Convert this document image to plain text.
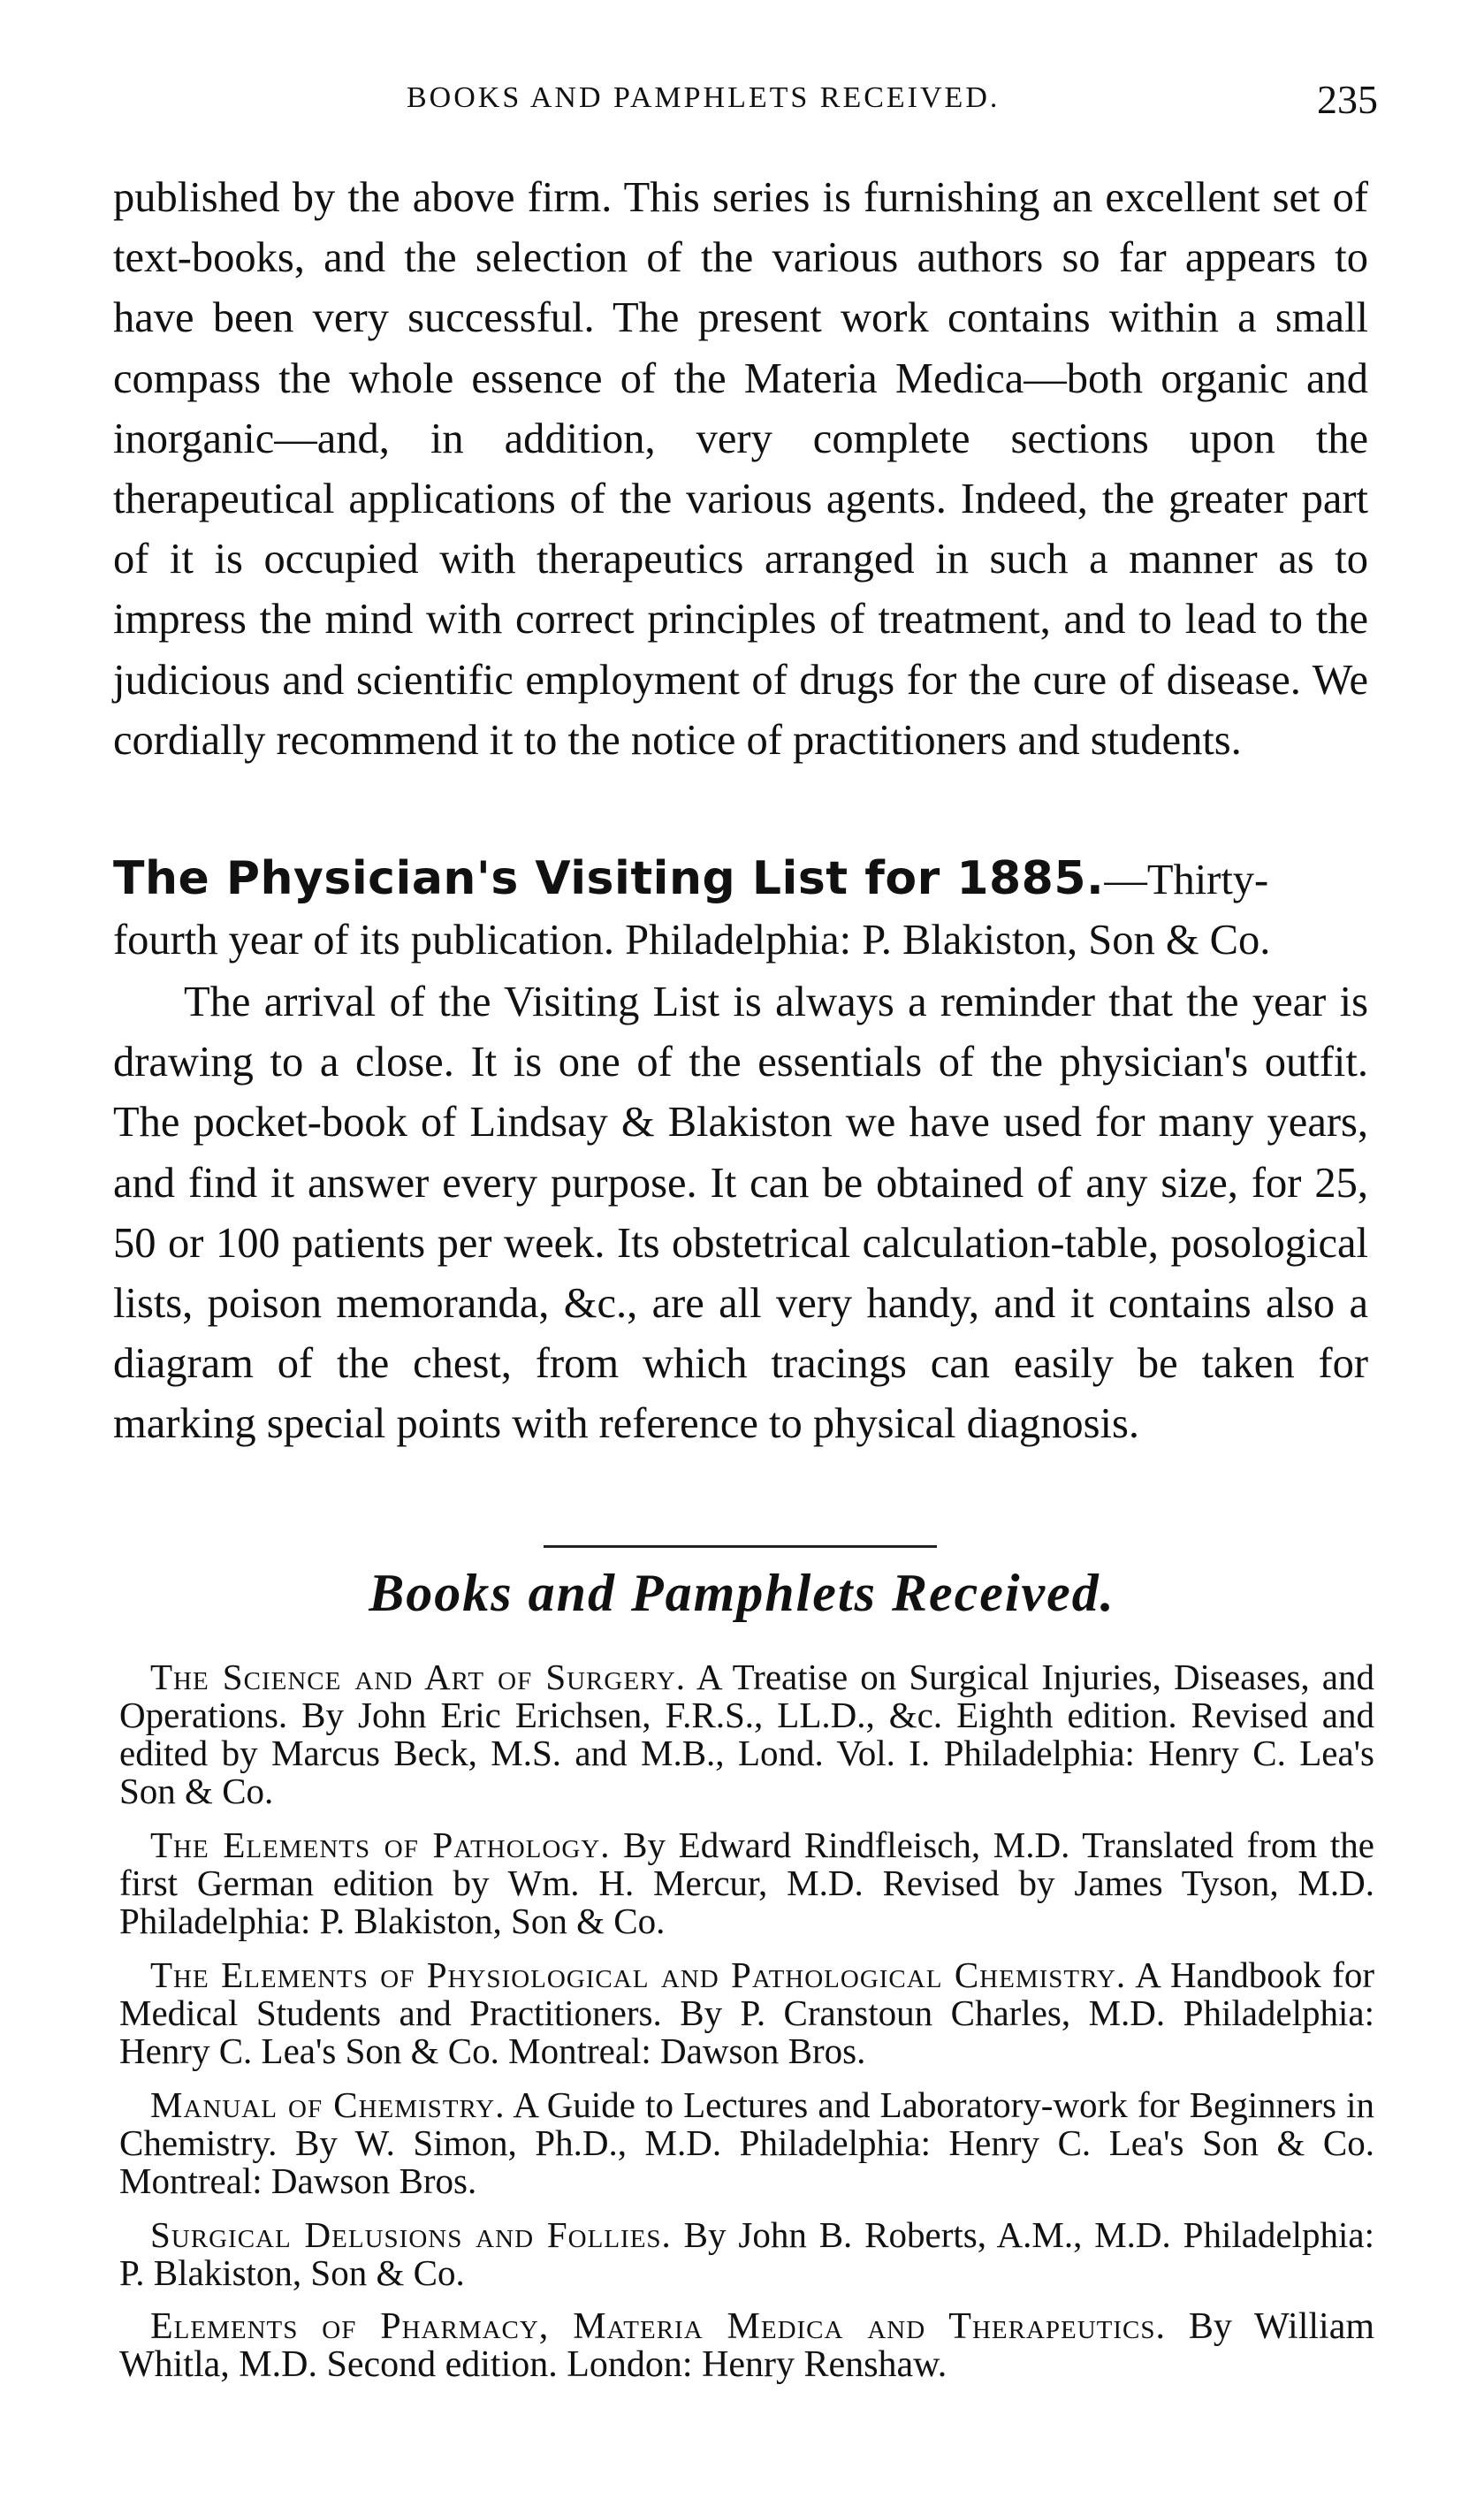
BOOKS AND PAMPHLETS RECEIVED.	235

published by the above firm. This series is furnishing an excellent set of text-books, and the selection of the various authors so far appears to have been very successful. The present work contains within a small compass the whole essence of the Materia Medica—both organic and inorganic—and, in addition, very complete sections upon the therapeutical applications of the various agents. Indeed, the greater part of it is occupied with therapeutics arranged in such a manner as to impress the mind with correct principles of treatment, and to lead to the judicious and scientific employment of drugs for the cure of disease. We cordially recommend it to the notice of practitioners and students.

The Physician's Visiting List for 1885.—Thirty-fourth year of its publication. Philadelphia: P. Blakiston, Son & Co.

The arrival of the Visiting List is always a reminder that the year is drawing to a close. It is one of the essentials of the physician's outfit. The pocket-book of Lindsay & Blakiston we have used for many years, and find it answer every purpose. It can be obtained of any size, for 25, 50 or 100 patients per week. Its obstetrical calculation-table, posological lists, poison memoranda, &c., are all very handy, and it contains also a diagram of the chest, from which tracings can easily be taken for marking special points with reference to physical diagnosis.

Books and Pamphlets Received.

The Science and Art of Surgery. A Treatise on Surgical Injuries, Diseases, and Operations. By John Eric Erichsen, F.R.S., LL.D., &c. Eighth edition. Revised and edited by Marcus Beck, M.S. and M.B., Lond. Vol. I. Philadelphia: Henry C. Lea's Son & Co.

The Elements of Pathology. By Edward Rindfleisch, M.D. Translated from the first German edition by Wm. H. Mercur, M.D. Revised by James Tyson, M.D. Philadelphia: P. Blakiston, Son & Co.

The Elements of Physiological and Pathological Chemistry. A Handbook for Medical Students and Practitioners. By P. Cranstoun Charles, M.D. Philadelphia: Henry C. Lea's Son & Co. Montreal: Dawson Bros.

Manual of Chemistry. A Guide to Lectures and Laboratory-work for Beginners in Chemistry. By W. Simon, Ph.D., M.D. Philadelphia: Henry C. Lea's Son & Co. Montreal: Dawson Bros.

Surgical Delusions and Follies. By John B. Roberts, A.M., M.D. Philadelphia: P. Blakiston, Son & Co.

Elements of Pharmacy, Materia Medica and Therapeutics. By William Whitla, M.D. Second edition. London: Henry Renshaw.
